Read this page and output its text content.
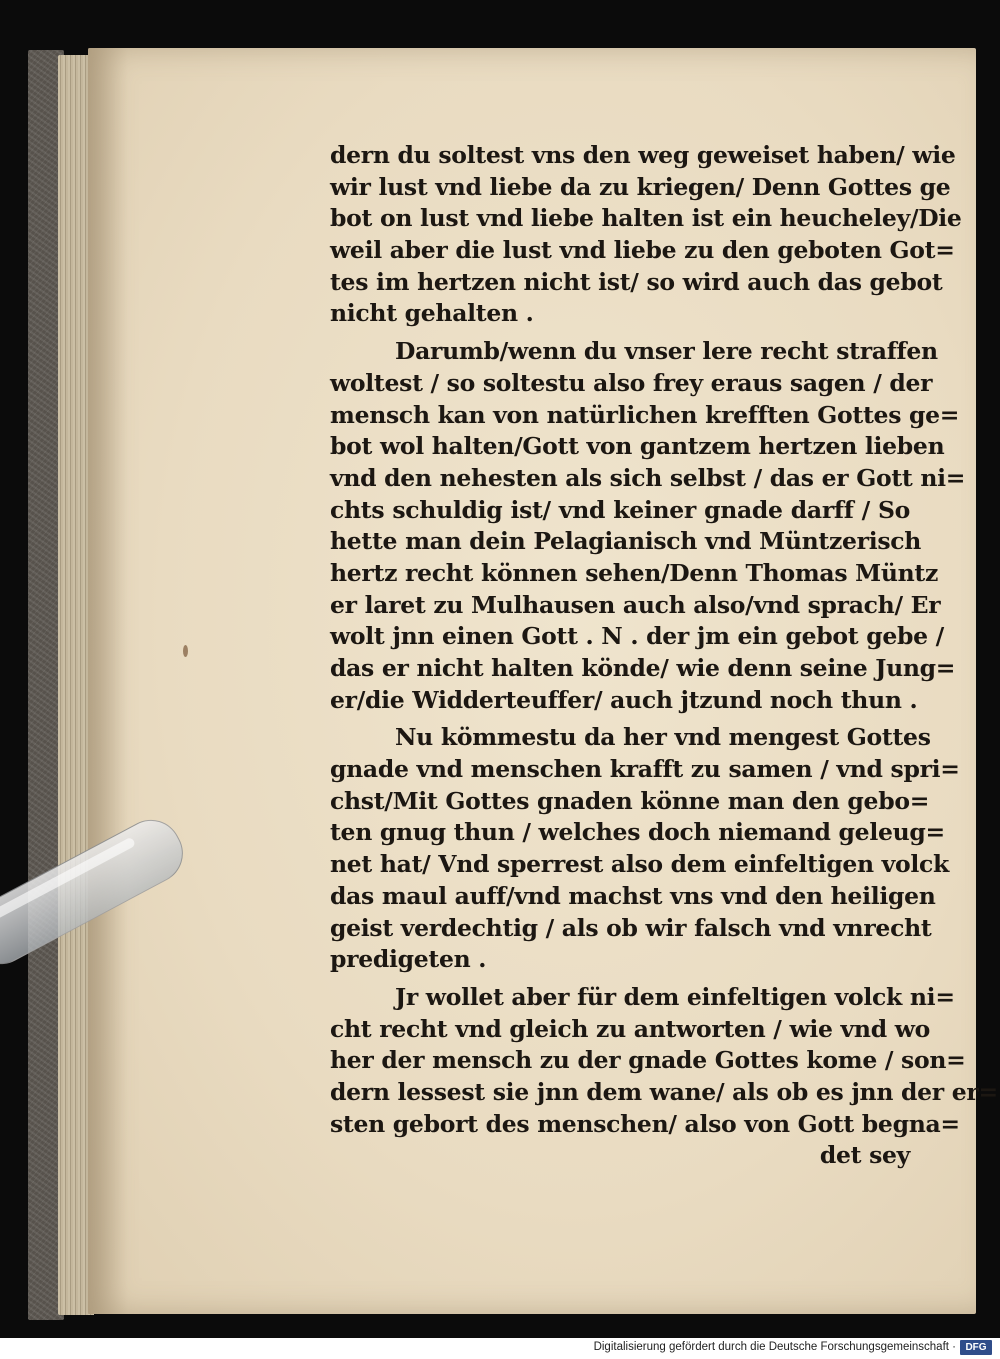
dern du soltest vns den weg geweiset haben/ wie
wir lust vnd liebe da zu kriegen/ Denn Gottes ge
bot on lust vnd liebe halten ist ein heucheley/Die
weil aber die lust vnd liebe zu den geboten Got=
tes im hertzen nicht ist/ so wird auch das gebot
nicht gehalten .
Darumb/wenn du vnser lere recht straffen
woltest / so soltestu also frey eraus sagen / der
mensch kan von natürlichen krefften Gottes ge=
bot wol halten/Gott von gantzem hertzen lieben
vnd den nehesten als sich selbst / das er Gott ni=
chts schuldig ist/ vnd keiner gnade darff / So
hette man dein Pelagianisch vnd Müntzerisch
hertz recht können sehen/Denn Thomas Müntz
er laret zu Mulhausen auch also/vnd sprach/ Er
wolt jnn einen Gott . N . der jm ein gebot gebe /
das er nicht halten könde/ wie denn seine Jung=
er/die Widderteuffer/ auch jtzund noch thun .
Nu kömmestu da her vnd mengest Gottes
gnade vnd menschen krafft zu samen / vnd spri=
chst/Mit Gottes gnaden könne man den gebo=
ten gnug thun / welches doch niemand geleug=
net hat/ Vnd sperrest also dem einfeltigen volck
das maul auff/vnd machst vns vnd den heiligen
geist verdechtig / als ob wir falsch vnd vnrecht
predigeten .
Jr wollet aber für dem einfeltigen volck ni=
cht recht vnd gleich zu antworten / wie vnd wo
her der mensch zu der gnade Gottes kome / son=
dern lessest sie jnn dem wane/ als ob es jnn der er=
sten gebort des menschen/ also von Gott begna=
det sey
Digitalisierung gefördert durch die Deutsche Forschungsgemeinschaft · DFG
